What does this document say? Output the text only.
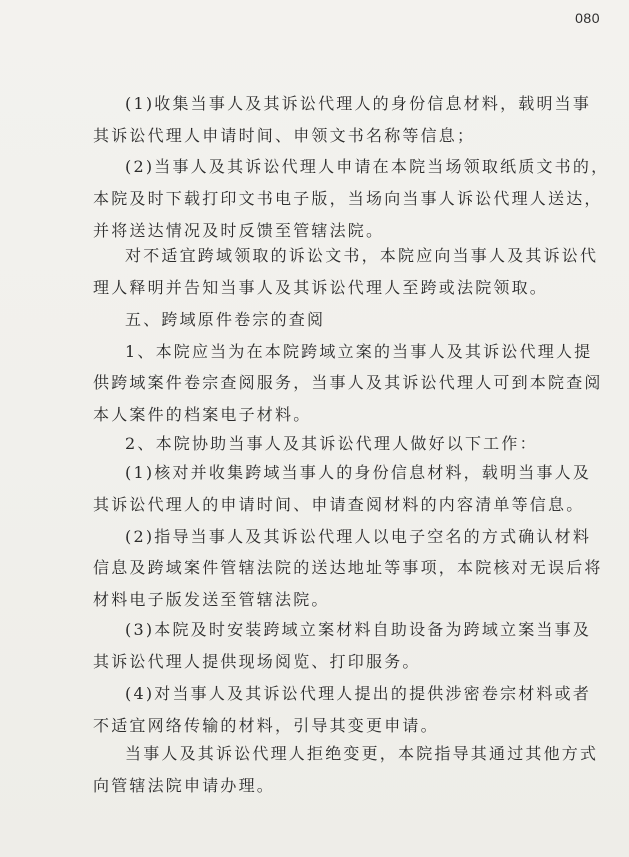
080
(1)收集当事人及其诉讼代理人的身份信息材料，载明当事
其诉讼代理人申请时间、申领文书名称等信息；
(2)当事人及其诉讼代理人申请在本院当场领取纸质文书的，
本院及时下载打印文书电子版，当场向当事人诉讼代理人送达，
并将送达情况及时反馈至管辖法院。
对不适宜跨域领取的诉讼文书，本院应向当事人及其诉讼代
理人释明并告知当事人及其诉讼代理人至跨或法院领取。
五、跨域原件卷宗的查阅
1、本院应当为在本院跨域立案的当事人及其诉讼代理人提
供跨域案件卷宗查阅服务，当事人及其诉讼代理人可到本院查阅
本人案件的档案电子材料。
2、本院协助当事人及其诉讼代理人做好以下工作：
(1)核对并收集跨域当事人的身份信息材料，载明当事人及
其诉讼代理人的申请时间、申请查阅材料的内容清单等信息。
(2)指导当事人及其诉讼代理人以电子空名的方式确认材料
信息及跨域案件管辖法院的送达地址等事项，本院核对无误后将
材料电子版发送至管辖法院。
(3)本院及时安装跨域立案材料自助设备为跨域立案当事及
其诉讼代理人提供现场阅览、打印服务。
(4)对当事人及其诉讼代理人提出的提供涉密卷宗材料或者
不适宜网络传输的材料，引导其变更申请。
当事人及其诉讼代理人拒绝变更，本院指导其通过其他方式
向管辖法院申请办理。
